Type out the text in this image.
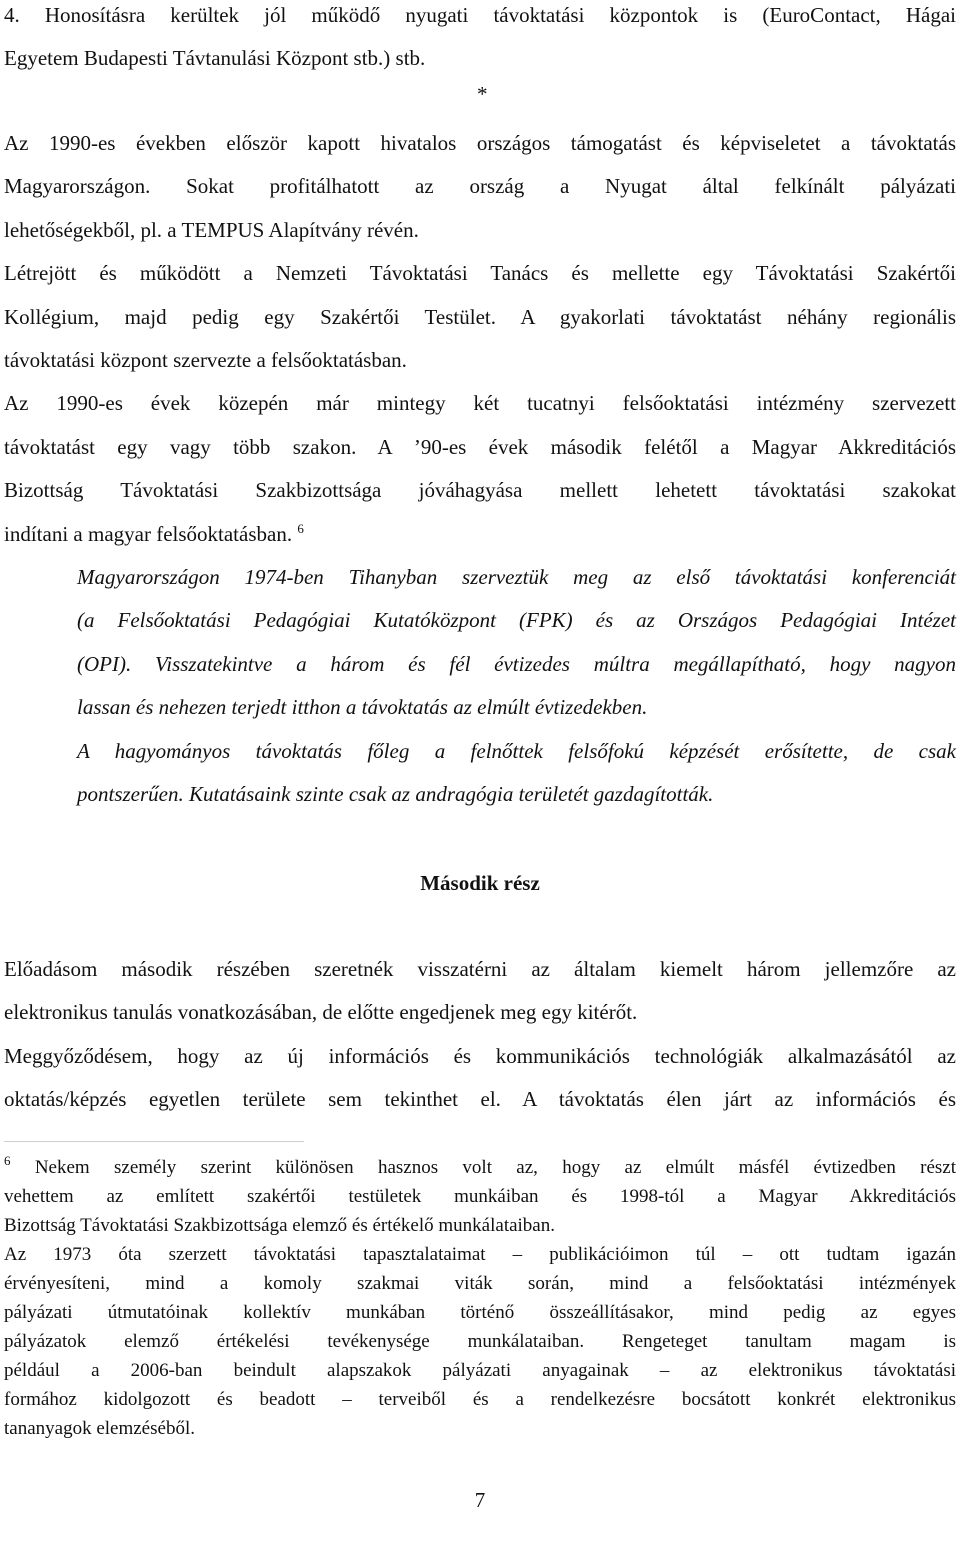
4. Honosításra kerültek jól működő nyugati távoktatási központok is (EuroContact, Hágai
Egyetem Budapesti Távtanulási Központ stb.) stb.
*
Az 1990-es években először kapott hivatalos országos támogatást és képviseletet a távoktatás
Magyarországon. Sokat profitálhatott az ország a Nyugat által felkínált pályázati
lehetőségekből, pl. a TEMPUS Alapítvány révén.
Létrejött és működött a Nemzeti Távoktatási Tanács és mellette egy Távoktatási Szakértői
Kollégium, majd pedig egy Szakértői Testület. A gyakorlati távoktatást néhány regionális
távoktatási központ szervezte a felsőoktatásban.
Az 1990-es évek közepén már mintegy két tucatnyi felsőoktatási intézmény szervezett
távoktatást egy vagy több szakon. A ’90-es évek második felétől a Magyar Akkreditációs
Bizottság Távoktatási Szakbizottsága jóváhagyása mellett lehetett távoktatási szakokat
indítani a magyar felsőoktatásban. $^6$
Magyarországon 1974-ben Tihanyban szerveztük meg az első távoktatási konferenciát
(a Felsőoktatási Pedagógiai Kutatóközpont (FPK) és az Országos Pedagógiai Intézet
(OPI). Visszatekintve a három és fél évtizedes múltra megállapítható, hogy nagyon
lassan és nehezen terjedt itthon a távoktatás az elmúlt évtizedekben.
A hagyományos távoktatás főleg a felnőttek felsőfokú képzését erősítette, de csak
pontszerűen. Kutatásaink szinte csak az andragógia területét gazdagították.
Második rész
Előadásom második részében szeretnék visszatérni az általam kiemelt három jellemzőre az
elektronikus tanulás vonatkozásában, de előtte engedjenek meg egy kitérőt.
Meggyőződésem, hogy az új információs és kommunikációs technológiák alkalmazásától az
oktatás/képzés egyetlen területe sem tekinthet el. A távoktatás élen járt az információs és
$^6$ Nekem személy szerint különösen hasznos volt az, hogy az elmúlt másfél évtizedben részt
vehettem az említett szakértői testületek munkáiban és 1998-tól a Magyar Akkreditációs
Bizottság Távoktatási Szakbizottsága elemző és értékelő munkálataiban.
Az 1973 óta szerzett távoktatási tapasztalataimat – publikációimon túl – ott tudtam igazán
érvényesíteni, mind a komoly szakmai viták során, mind a felsőoktatási intézmények
pályázati útmutatóinak kollektív munkában történő összeállításakor, mind pedig az egyes
pályázatok elemző értékelési tevékenysége munkálataiban. Rengeteget tanultam magam is
például a 2006-ban beindult alapszakok pályázati anyagainak – az elektronikus távoktatási
formához kidolgozott és beadott – terveiből és a rendelkezésre bocsátott konkrét elektronikus
tananyagok elemzéséből.
7
